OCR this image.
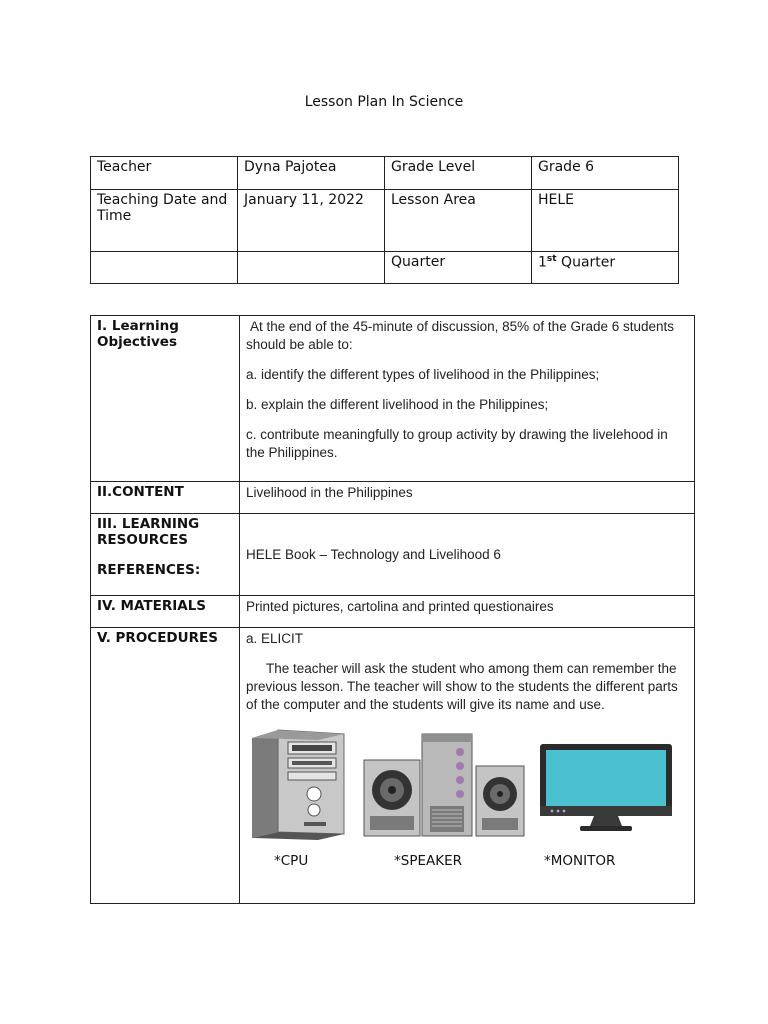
Lesson Plan In Science
Teacher	Dyna Pajotea	Grade Level	Grade 6
Teaching Date and Time	January 11, 2022	Lesson Area	HELE
		Quarter	1st Quarter
I. Learning Objectives	At the end of the 45-minute of discussion, 85% of the Grade 6 students should be able to:

a. identify the different types of livelihood in the Philippines;

b. explain the different livelihood in the Philippines;

c. contribute meaningfully to group activity by drawing the livelehood in the Philippines.

II.CONTENT	Livelihood in the Philippines

III. LEARNING RESOURCES
REFERENCES:	HELE Book – Technology and Livelihood 6
IV. MATERIALS	Printed pictures, cartolina and printed questionaires
V. PROCEDURES	a. ELICIT

The teacher will ask the student who among them can remember the previous lesson. The teacher will show to the students the different parts of the computer and the students will give its name and use.

*CPU *SPEAKER *MONITOR
